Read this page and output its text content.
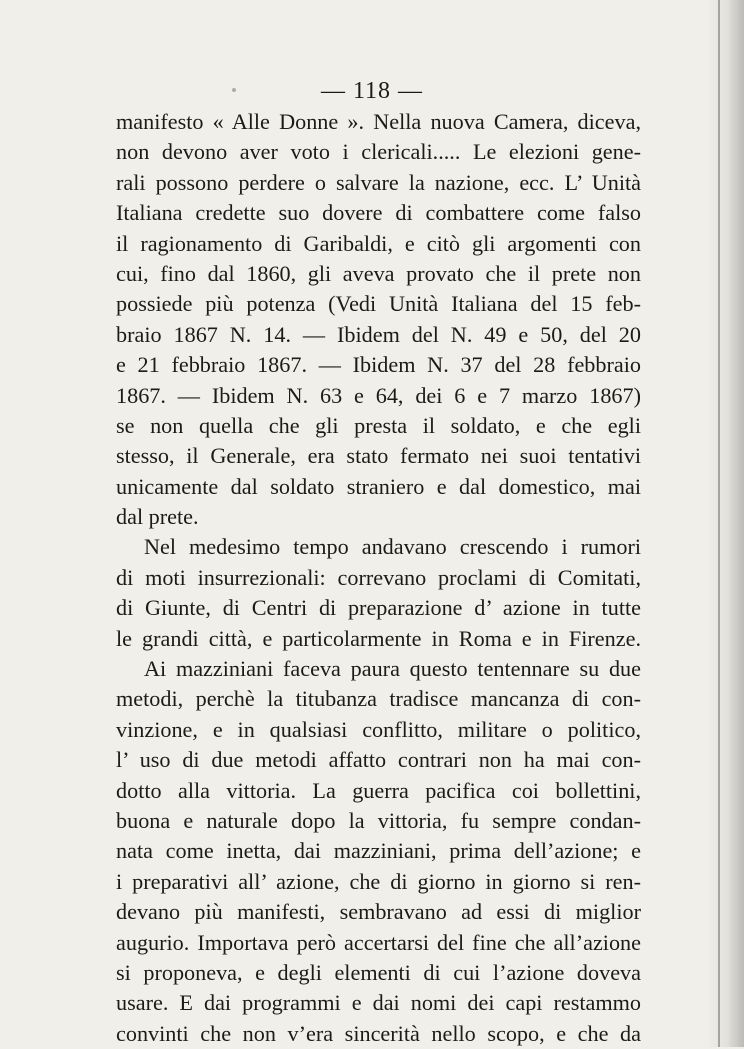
— 118 —
manifesto « Alle Donne ». Nella nuova Camera, diceva,
non devono aver voto i clericali..... Le elezioni gene-
rali possono perdere o salvare la nazione, ecc. L’ Unità
Italiana credette suo dovere di combattere come falso
il ragionamento di Garibaldi, e citò gli argomenti con
cui, fino dal 1860, gli aveva provato che il prete non
possiede più potenza (Vedi Unità Italiana del 15 feb-
braio 1867 N. 14. — Ibidem del N. 49 e 50, del 20
e 21 febbraio 1867. — Ibidem N. 37 del 28 febbraio
1867. — Ibidem N. 63 e 64, dei 6 e 7 marzo 1867)
se non quella che gli presta il soldato, e che egli
stesso, il Generale, era stato fermato nei suoi tentativi
unicamente dal soldato straniero e dal domestico, mai
dal prete.
Nel medesimo tempo andavano crescendo i rumori
di moti insurrezionali: correvano proclami di Comitati,
di Giunte, di Centri di preparazione d’ azione in tutte
le grandi città, e particolarmente in Roma e in Firenze.
Ai mazziniani faceva paura questo tentennare su due
metodi, perchè la titubanza tradisce mancanza di con-
vinzione, e in qualsiasi conflitto, militare o politico,
l’ uso di due metodi affatto contrari non ha mai con-
dotto alla vittoria. La guerra pacifica coi bollettini,
buona e naturale dopo la vittoria, fu sempre condan-
nata come inetta, dai mazziniani, prima dell’azione; e
i preparativi all’ azione, che di giorno in giorno si ren-
devano più manifesti, sembravano ad essi di miglior
augurio. Importava però accertarsi del fine che all’azione
si proponeva, e degli elementi di cui l’azione doveva
usare. E dai programmi e dai nomi dei capi restammo
convinti che non v’era sincerità nello scopo, e che da
